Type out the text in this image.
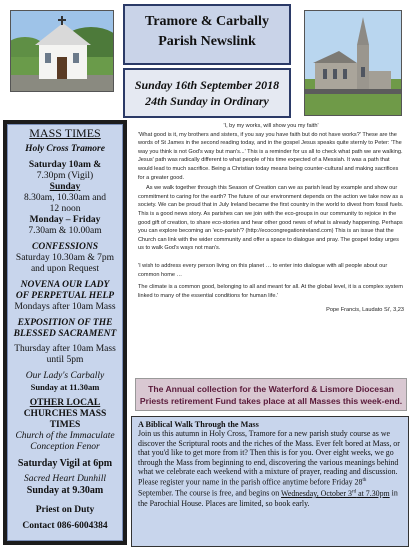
Tramore & Carbally
Parish Newslink
Sunday 16th September 2018
24th Sunday in Ordinary
MASS TIMES
Holy Cross Tramore
Saturday 10am &
7.30pm (Vigil)
Sunday
8.30am, 10.30am and
12 noon
Monday – Friday
7.30am & 10.00am
CONFESSIONS
Saturday 10.30am & 7pm
and upon Request
NOVENA OUR LADY
OF PERPETUAL HELP
Mondays after 10am Mass
EXPOSITION OF THE
BLESSED SACRAMENT
Thursday after 10am Mass
until 5pm
Our Lady's Carbally
Sunday at 11.30am
OTHER LOCAL
CHURCHES MASS TIMES
Church of the Immaculate
Conception Fenor
Saturday Vigil at 6pm
Sacred Heart Dunhill
Sunday at 9.30am
Priest on Duty
Contact 086-6004384

'I, by my works, will show you my faith'

'What good is it, my brothers and sisters, if you say you have faith but do not have works?' These are the words of St James in the second reading today, and in the gospel Jesus speaks quite sternly to Peter: 'The way you think is not God's way but man's...' This is a reminder for us all to check what path we are walking. Jesus' path was radically different to what people of his time expected of a Messiah. It was a path that would lead to much sacrifice. Being a Christian today means being counter-cultural and making sacrifices for a greater good.

As we walk together through this Season of Creation can we as parish lead by example and show our commitment to caring for the earth? The future of our environment depends on the action we take now as a society. We can be proud that in July Ireland became the first country in the world to divest from fossil fuels. This is a good news story. As parishes can we join with the eco-groups in our community to rejoice in the good gift of creation, to share eco-stories and hear other good news of what is already happening. Perhaps you can explore becoming an 'eco-parish'? (http://ecocongregationireland.com) This is an issue that the Church can link with the wider community and offer a space to dialogue and pray. The gospel today urges us to walk God's ways not man's.

'I wish to address every person living on this planet … to enter into dialogue with all people about our common home …

The climate is a common good, belonging to all and meant for all. At the global level, it is a complex system linked to many of the essential conditions for human life.'

Pope Francis, Laudato Si', 3,23

The Annual collection for the Waterford & Lismore Diocesan
Priests retirement Fund takes place at all Masses this week-end.
A Biblical Walk Through the Mass
Join us this autumn in Holy Cross, Tramore for a new parish study course as we discover the Scriptural roots and the riches of the Mass. Ever felt bored at Mass, or that you'd like to get more from it? Then this is for you. Over eight weeks, we go through the Mass from beginning to end, discovering the various meanings behind what we celebrate each weekend with a mixture of prayer, reading and discussion. Please register your name in the parish office anytime before Friday 28th September. The course is free, and begins on Wednesday, October 3rd at 7.30pm in the Parochial House. Places are limited, so book early.
